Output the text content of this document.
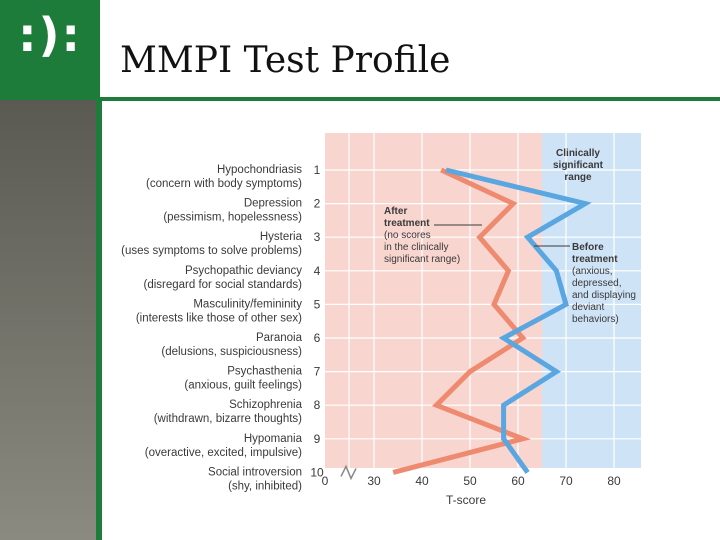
:):	MMPI Test Profile
Hypochondriasis
(concern with body symptoms)
1
Depression
(pessimism, hopelessness)
2
Hysteria
(uses symptoms to solve problems)
3
Psychopathic deviancy
(disregard for social standards)
4
Masculinity/femininity
(interests like those of other sex)
5
Paranoia
(delusions, suspiciousness)
6
Psychasthenia
(anxious, guilt feelings)
7
Schizophrenia
(withdrawn, bizarre thoughts)
8
Hypomania
(overactive, excited, impulsive)
9
Social introversion
(shy, inhibited)
10
0	30	40	50	60	70	80
T-score
Clinically
significant
range
After
treatment
(no scores
in the clinically
significant range)
Before
treatment
(anxious,
depressed,
and displaying
deviant
behaviors)
